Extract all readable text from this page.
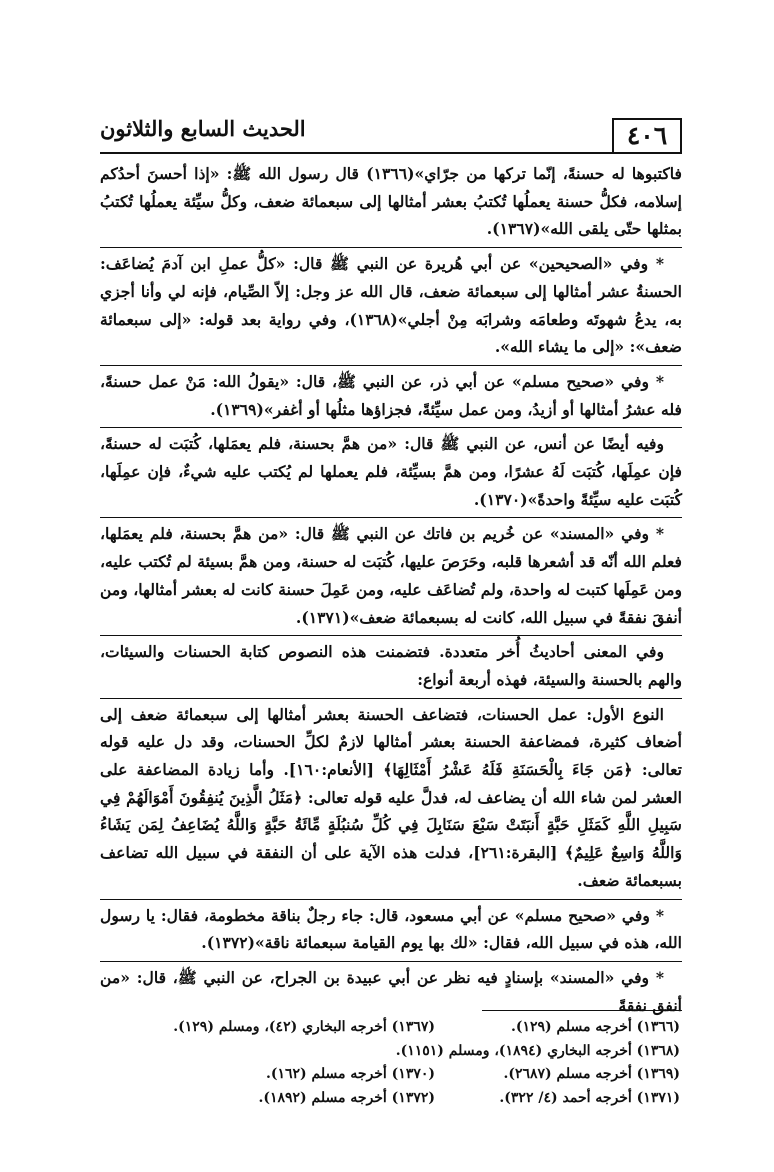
٤٠٦
الحديث السابع والثلاثون

فاكتبوها له حسنةً، إنّما تركها من جرّاي»(١٣٦٦) قال رسول الله ﷺ: «إذا أحسنَ أحدُكم إسلامه، فكلُّ حسنة يعملُها تُكتبُ بعشر أمثالها إلى سبعمائة ضعف، وكلُّ سيِّئة يعملُها تُكتبُ بمثلها حتّى يلقى الله»(١٣٦٧).

* وفي «الصحيحين» عن أبي هُريرة عن النبي ﷺ قال: «كلُّ عملِ ابن آدمَ يُضاعَف: الحسنةُ عشر أمثالها إلى سبعمائة ضعف، قال الله عز وجل: إلاّ الصِّيام، فإنه لي وأنا أجزي به، يدعُ شهوتَه وطعامَه وشرابَه مِنْ أجلي»(١٣٦٨)، وفي رواية بعد قوله: «إلى سبعمائة ضعف»: «إلى ما يشاء الله».

* وفي «صحيح مسلم» عن أبي ذر، عن النبي ﷺ، قال: «يقولُ الله: مَنْ عمل حسنةً، فله عشرُ أمثالها أو أزيدُ، ومن عمل سيِّئةً، فجزاؤها مثلُها أو أغفر»(١٣٦٩).

وفيه أيضًا عن أنس، عن النبي ﷺ قال: «من همَّ بحسنة، فلم يعمَلها، كُتبَت له حسنةً، فإن عمِلَها، كُتبَت لَهُ عشرًا، ومن همَّ بسيِّئة، فلم يعملها لم يُكتب عليه شيءٌ، فإن عمِلَها، كُتبَت عليه سيِّئةً واحدةً»(١٣٧٠).

* وفي «المسند» عن خُريم بن فاتك عن النبي ﷺ قال: «من همَّ بحسنة، فلم يعمَلها، فعلم الله أنّه قد أشعرها قلبه، وحَرَصَ عليها، كُتبَت له حسنة، ومن همَّ بسيئة لم تُكتب عليه، ومن عَمِلَها كتبت له واحدة، ولم تُضاعَف عليه، ومن عَمِلَ حسنة كانت له بعشر أمثالها، ومن أنفقَ نفقةً في سبيل الله، كانت له بسبعمائة ضعف»(١٣٧١).

وفي المعنى أحاديثُ أُخر متعددة. فتضمنت هذه النصوص كتابة الحسنات والسيئات، والهم بالحسنة والسيئة، فهذه أربعة أنواع:

النوع الأول: عمل الحسنات، فتضاعف الحسنة بعشر أمثالها إلى سبعمائة ضعف إلى أضعاف كثيرة، فمضاعفة الحسنة بعشر أمثالها لازمٌ لكلِّ الحسنات، وقد دل عليه قوله تعالى: ﴿مَن جَاءَ بِالْحَسَنَةِ فَلَهُ عَشْرُ أَمْثَالِهَا﴾ [الأنعام:١٦٠]. وأما زيادة المضاعفة على العشر لمن شاء الله أن يضاعف له، فدلَّ عليه قوله تعالى: ﴿مَثَلُ الَّذِينَ يُنفِقُونَ أَمْوَالَهُمْ فِي سَبِيلِ اللَّهِ كَمَثَلِ حَبَّةٍ أَنبَتَتْ سَبْعَ سَنَابِلَ فِي كُلِّ سُنبُلَةٍ مِّائَةُ حَبَّةٍ وَاللَّهُ يُضَاعِفُ لِمَن يَشَاءُ وَاللَّهُ وَاسِعٌ عَلِيمٌ﴾ [البقرة:٢٦١]، فدلت هذه الآية على أن النفقة في سبيل الله تضاعف بسبعمائة ضعف.

* وفي «صحيح مسلم» عن أبي مسعود، قال: جاء رجلٌ بناقة مخطومة، فقال: يا رسول الله، هذه في سبيل الله، فقال: «لك بها يوم القيامة سبعمائة ناقة»(١٣٧٢).

* وفي «المسند» بإسنادٍ فيه نظر عن أبي عبيدة بن الجراح، عن النبي ﷺ، قال: «من أنفق نفقةً

(١٣٦٦) أخرجه مسلم (١٢٩).
(١٣٦٧) أخرجه البخاري (٤٢)، ومسلم (١٢٩).
(١٣٦٨) أخرجه البخاري (١٨٩٤)، ومسلم (١١٥١).
(١٣٦٩) أخرجه مسلم (٢٦٨٧).
(١٣٧٠) أخرجه مسلم (١٦٢).
(١٣٧١) أخرجه أحمد (٤/ ٣٢٢).
(١٣٧٢) أخرجه مسلم (١٨٩٢).
